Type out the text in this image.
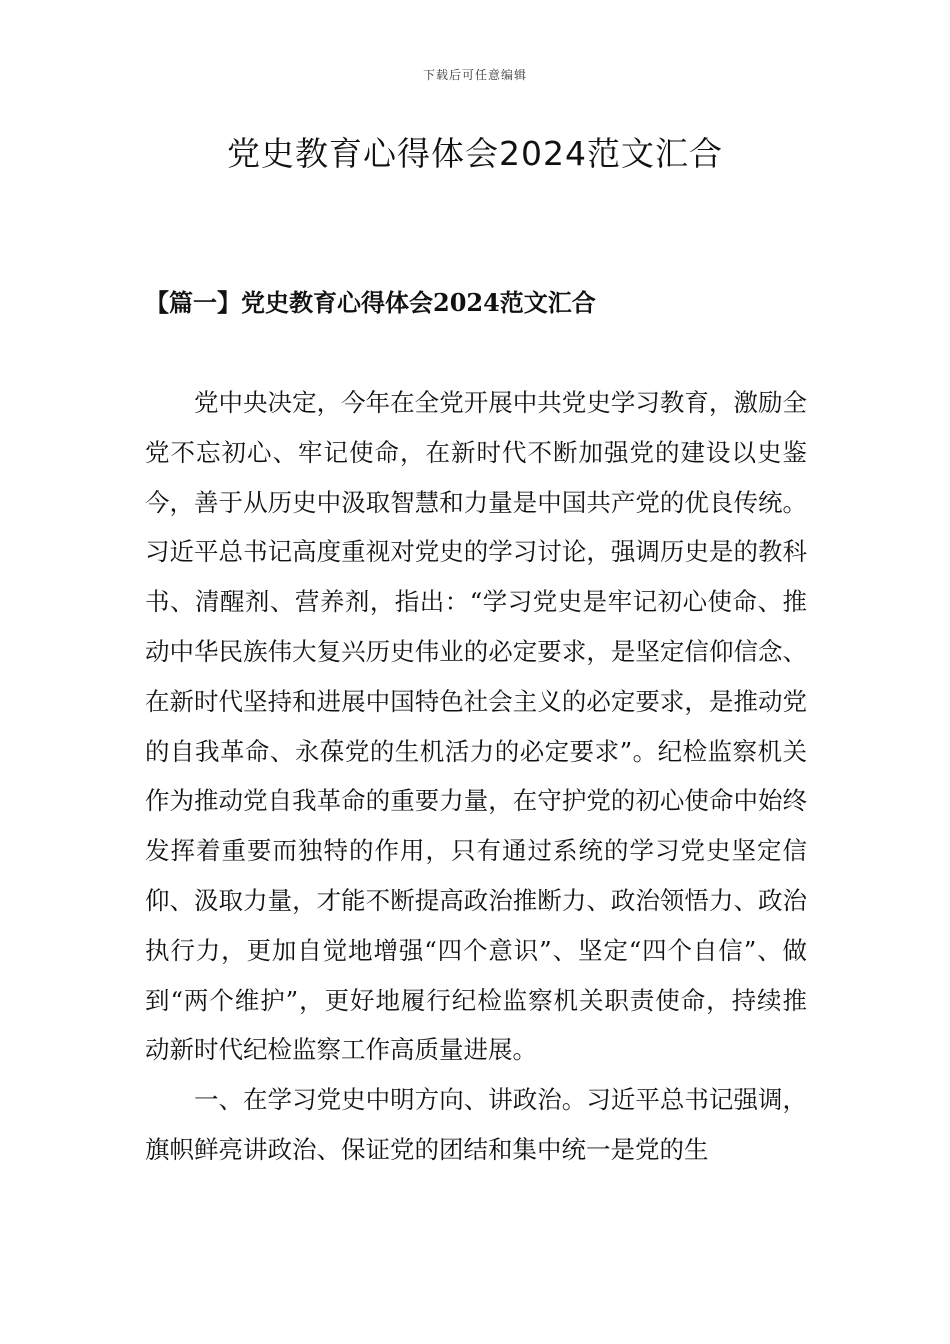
下载后可任意编辑
党史教育心得体会2024范文汇合
【篇一】党史教育心得体会2024范文汇合

党中央决定，今年在全党开展中共党史学习教育，激励全党不忘初心、牢记使命，在新时代不断加强党的建设以史鉴今，善于从历史中汲取智慧和力量是中国共产党的优良传统。习近平总书记高度重视对党史的学习讨论，强调历史是的教科书、清醒剂、营养剂，指出：“学习党史是牢记初心使命、推动中华民族伟大复兴历史伟业的必定要求，是坚定信仰信念、在新时代坚持和进展中国特色社会主义的必定要求，是推动党的自我革命、永葆党的生机活力的必定要求”。纪检监察机关作为推动党自我革命的重要力量，在守护党的初心使命中始终发挥着重要而独特的作用，只有通过系统的学习党史坚定信仰、汲取力量，才能不断提高政治推断力、政治领悟力、政治执行力，更加自觉地增强“四个意识”、坚定“四个自信”、做到“两个维护”，更好地履行纪检监察机关职责使命，持续推动新时代纪检监察工作高质量进展。

一、在学习党史中明方向、讲政治。习近平总书记强调，旗帜鲜亮讲政治、保证党的团结和集中统一是党的生
